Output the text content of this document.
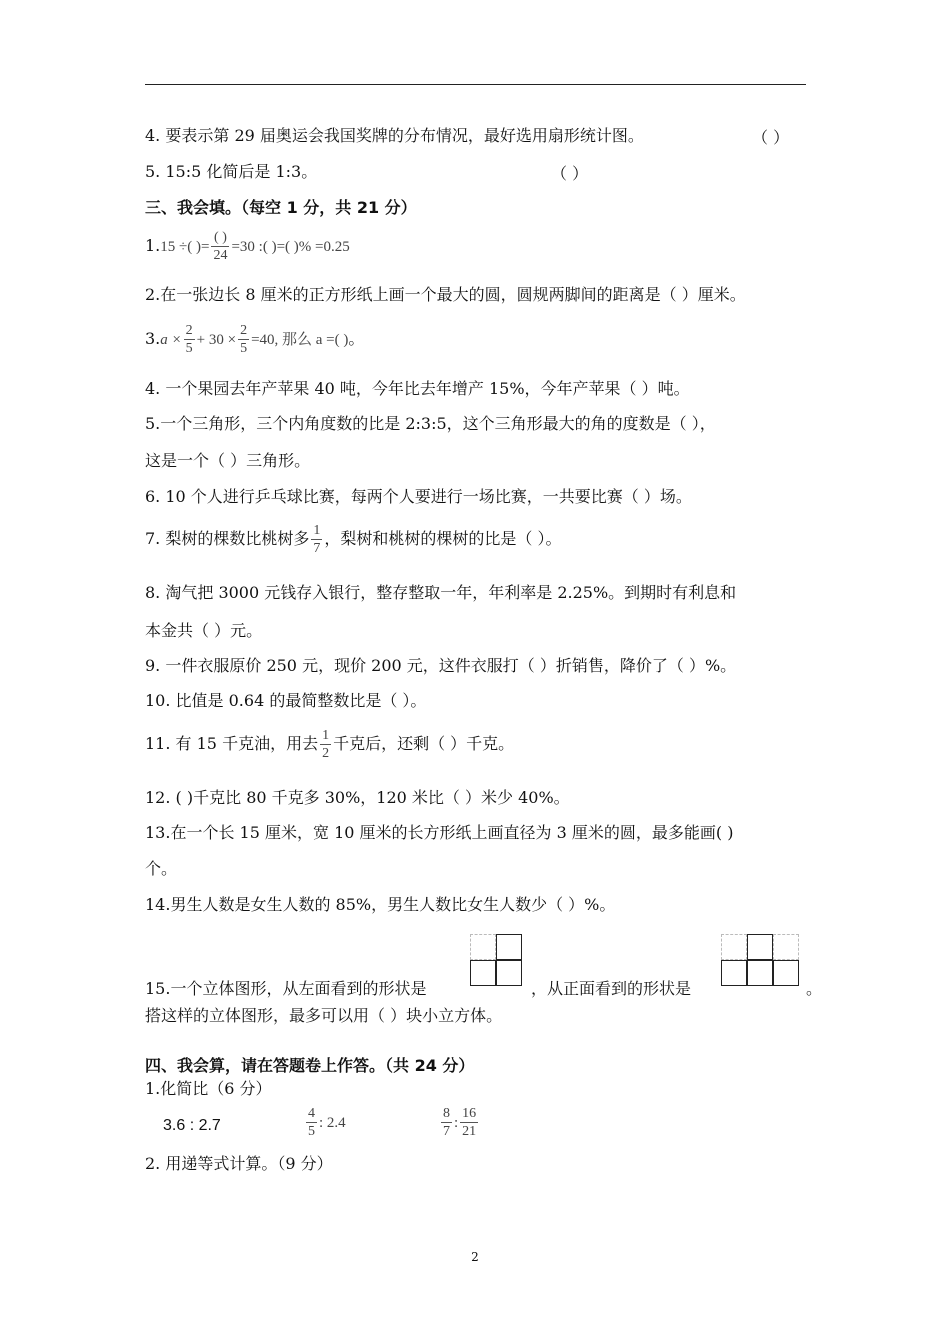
4. 要表示第 29 届奥运会我国奖牌的分布情况，最好选用扇形统计图。	（ ）
5. 15:5 化简后是 1:3。	（ ）
三、我会填。（每空 1 分，共 21 分）
1.15 ÷( )= $\frac{( )}{24} =30$ :( )=( )% =0.25
2.在一张边长 8 厘米的正方形纸上画一个最大的圆，圆规两脚间的距离是（ ）厘米。
$3.a \times \frac{2}{5} + 30 \times \frac{2}{5} =40$, 那么 a =( )。
4. 一个果园去年产苹果 40 吨，今年比去年增产 15%，今年产苹果（ ）吨。
5.一个三角形，三个内角度数的比是 2:3:5，这个三角形最大的角的度数是（ ），
这是一个（ ）三角形。
6. 10 个人进行乒乓球比赛，每两个人要进行一场比赛，一共要比赛（ ）场。
7. 梨树的棵数比桃树多 $\frac{1}{7}$ ，梨树和桃树的棵树的比是（ ）。
8. 淘气把 3000 元钱存入银行，整存整取一年，年利率是 2.25%。到期时有利息和
本金共（ ）元。
9. 一件衣服原价 250 元，现价 200 元，这件衣服打（ ）折销售，降价了（ ）%。
10. 比值是 0.64 的最简整数比是（ ）。
11. 有 15 千克油，用去 $\frac{1}{2}$ 千克后，还剩（ ）千克。
12. ( )千克比 80 千克多 30%，120 米比（ ）米少 40%。
13.在一个长 15 厘米，宽 10 厘米的长方形纸上画直径为 3 厘米的圆，最多能画( )
个。
14.男生人数是女生人数的 85%，男生人数比女生人数少（ ）%。
15.一个立体图形，从左面看到的形状是	，从正面看到的形状是	。
搭这样的立体图形，最多可以用（ ）块小立方体。
四、我会算，请在答题卷上作答。（共 24 分）
1.化简比（6 分）
3.6 : 2.7	$\frac{4}{5}$ : 2.4	$\frac{8}{7}$ : $\frac{16}{21}$
2. 用递等式计算。（9 分）
2
